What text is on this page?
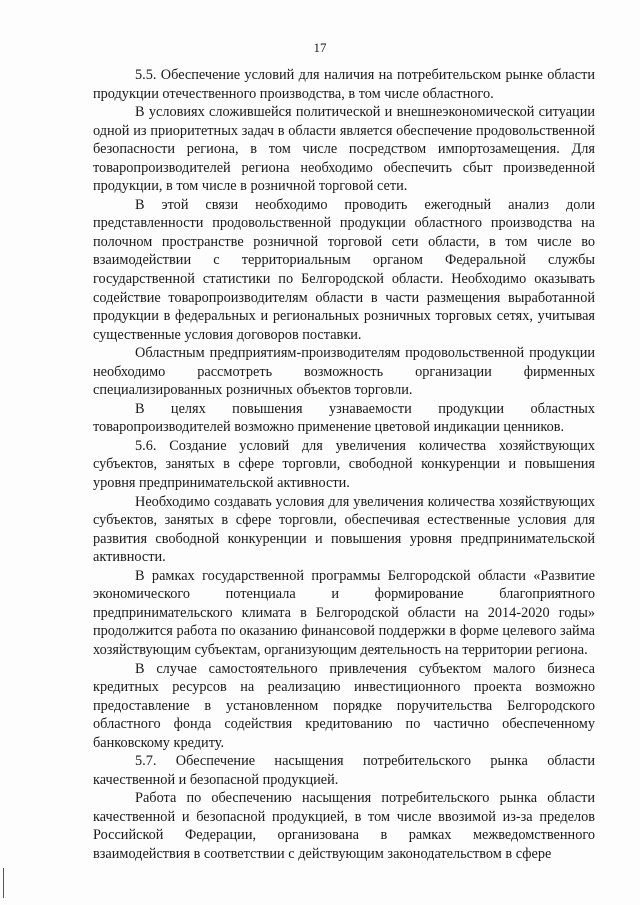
17

5.5. Обеспечение условий для наличия на потребительском рынке области продукции отечественного производства, в том числе областного.

В условиях сложившейся политической и внешнеэкономической ситуации одной из приоритетных задач в области является обеспечение продовольственной безопасности региона, в том числе посредством импортозамещения. Для товаропроизводителей региона необходимо обеспечить сбыт произведенной продукции, в том числе в розничной торговой сети.

В этой связи необходимо проводить ежегодный анализ доли представленности продовольственной продукции областного производства на полочном пространстве розничной торговой сети области, в том числе во взаимодействии с территориальным органом Федеральной службы государственной статистики по Белгородской области. Необходимо оказывать содействие товаропроизводителям области в части размещения выработанной продукции в федеральных и региональных розничных торговых сетях, учитывая существенные условия договоров поставки.

Областным предприятиям-производителям продовольственной продукции необходимо рассмотреть возможность организации фирменных специализированных розничных объектов торговли.

В целях повышения узнаваемости продукции областных товаропроизводителей возможно применение цветовой индикации ценников.

5.6. Создание условий для увеличения количества хозяйствующих субъектов, занятых в сфере торговли, свободной конкуренции и повышения уровня предпринимательской активности.

Необходимо создавать условия для увеличения количества хозяйствующих субъектов, занятых в сфере торговли, обеспечивая естественные условия для развития свободной конкуренции и повышения уровня предпринимательской активности.

В рамках государственной программы Белгородской области «Развитие экономического потенциала и формирование благоприятного предпринимательского климата в Белгородской области на 2014-2020 годы» продолжится работа по оказанию финансовой поддержки в форме целевого займа хозяйствующим субъектам, организующим деятельность на территории региона.

В случае самостоятельного привлечения субъектом малого бизнеса кредитных ресурсов на реализацию инвестиционного проекта возможно предоставление в установленном порядке поручительства Белгородского областного фонда содействия кредитованию по частично обеспеченному банковскому кредиту.

5.7. Обеспечение насыщения потребительского рынка области качественной и безопасной продукцией.

Работа по обеспечению насыщения потребительского рынка области качественной и безопасной продукцией, в том числе ввозимой из-за пределов Российской Федерации, организована в рамках межведомственного взаимодействия в соответствии с действующим законодательством в сфере
